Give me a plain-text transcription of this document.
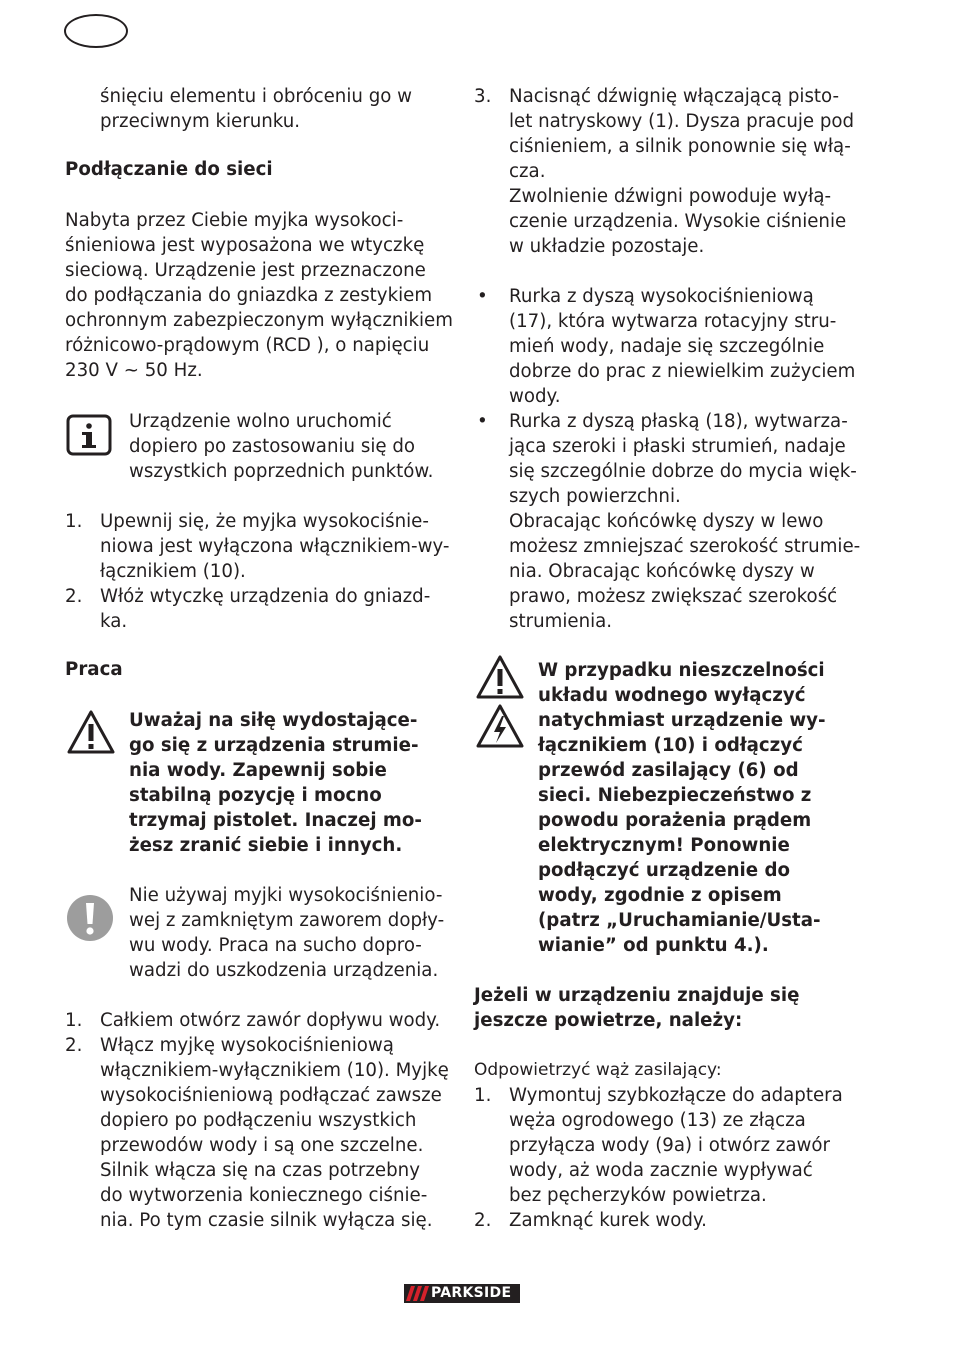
śnięciu elementu i obróceniu go w
przeciwnym kierunku.
Podłączanie do sieci
Nabyta przez Ciebie myjka wysokoci-
śnieniowa jest wyposażona we wtyczkę
sieciową. Urządzenie jest przeznaczone
do podłączania do gniazdka z zestykiem
ochronnym zabezpieczonym wyłącznikiem
różnicowo-prądowym (RCD ), o napięciu
230 V ~ 50 Hz.
Urządzenie wolno uruchomić
dopiero po zastosowaniu się do
wszystkich poprzednich punktów.
1. Upewnij się, że myjka wysokociśnie-
niowa jest wyłączona włącznikiem-wy-
łącznikiem (10).
2. Włóż wtyczkę urządzenia do gniazd-
ka.
Praca
Uważaj na siłę wydostające-
go się z urządzenia strumie-
nia wody. Zapewnij sobie
stabilną pozycję i mocno
trzymaj pistolet. Inaczej mo-
żesz zranić siebie i innych.
Nie używaj myjki wysokociśnienio-
wej z zamkniętym zaworem dopły-
wu wody. Praca na sucho dopro-
wadzi do uszkodzenia urządzenia.
1. Całkiem otwórz zawór dopływu wody.
2. Włącz myjkę wysokociśnieniową
włącznikiem-wyłącznikiem (10). Myjkę
wysokociśnieniową podłączać zawsze
dopiero po podłączeniu wszystkich
przewodów wody i są one szczelne.
Silnik włącza się na czas potrzebny
do wytworzenia koniecznego ciśnie-
nia. Po tym czasie silnik wyłącza się.
3. Nacisnąć dźwignię włączającą pisto-
let natryskowy (1). Dysza pracuje pod
ciśnieniem, a silnik ponownie się włą-
cza.
Zwolnienie dźwigni powoduje wyłą-
czenie urządzenia. Wysokie ciśnienie
w układzie pozostaje.
• Rurka z dyszą wysokociśnieniową
(17), która wytwarza rotacyjny stru-
mień wody, nadaje się szczególnie
dobrze do prac z niewielkim zużyciem
wody.
• Rurka z dyszą płaską (18), wytwarza-
jąca szeroki i płaski strumień, nadaje
się szczególnie dobrze do mycia więk-
szych powierzchni.
Obracając końcówkę dyszy w lewo
możesz zmniejszać szerokość strumie-
nia. Obracając końcówkę dyszy w
prawo, możesz zwiększać szerokość
strumienia.
W przypadku nieszczelności
układu wodnego wyłączyć
natychmiast urządzenie wy-
łącznikiem (10) i odłączyć
przewód zasilający (6) od
sieci. Niebezpieczeństwo z
powodu porażenia prądem
elektrycznym! Ponownie
podłączyć urządzenie do
wody, zgodnie z opisem
(patrz „Uruchamianie/Usta-
wianie” od punktu 4.).
Jeżeli w urządzeniu znajduje się
jeszcze powietrze, należy:
Odpowietrzyć wąż zasilający:
1. Wymontuj szybkozłącze do adaptera
węża ogrodowego (13) ze złącza
przyłącza wody (9a) i otwórz zawór
wody, aż woda zacznie wypływać
bez pęcherzyków powietrza.
2. Zamknąć kurek wody.
PARKSIDE
